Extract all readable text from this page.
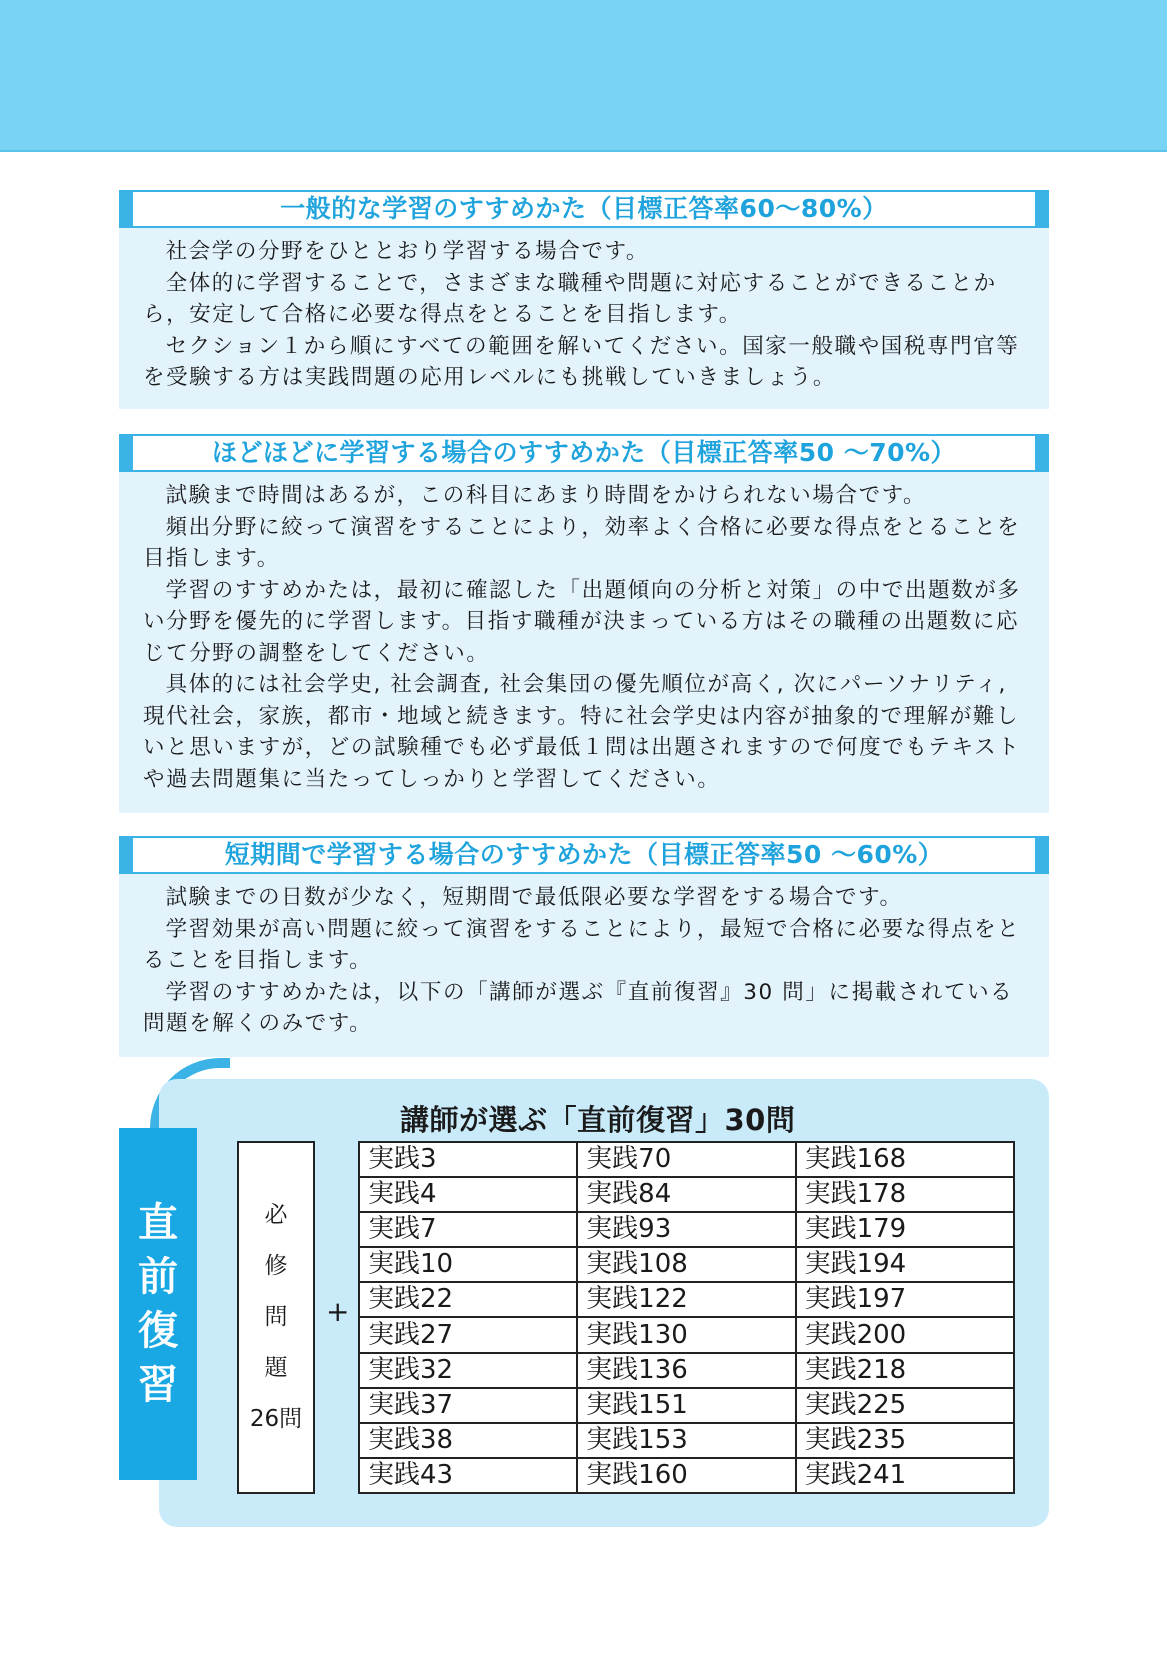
一般的な学習のすすめかた（目標正答率60～80%）

社会学の分野をひととおり学習する場合です。

全体的に学習することで，さまざまな職種や問題に対応することができることから，安定して合格に必要な得点をとることを目指します。

セクション１から順にすべての範囲を解いてください。国家一般職や国税専門官等を受験する方は実践問題の応用レベルにも挑戦していきましょう。

ほどほどに学習する場合のすすめかた（目標正答率50 ～70%）

試験まで時間はあるが，この科目にあまり時間をかけられない場合です。

頻出分野に絞って演習をすることにより，効率よく合格に必要な得点をとることを目指します。

学習のすすめかたは，最初に確認した「出題傾向の分析と対策」の中で出題数が多い分野を優先的に学習します。目指す職種が決まっている方はその職種の出題数に応じて分野の調整をしてください。

具体的には社会学史, 社会調査, 社会集団の優先順位が高く, 次にパーソナリティ, 現代社会，家族，都市・地域と続きます。特に社会学史は内容が抽象的で理解が難しいと思いますが，どの試験種でも必ず最低１問は出題されますので何度でもテキストや過去問題集に当たってしっかりと学習してください。

短期間で学習する場合のすすめかた（目標正答率50 ～60%）

試験までの日数が少なく，短期間で最低限必要な学習をする場合です。

学習効果が高い問題に絞って演習をすることにより，最短で合格に必要な得点をとることを目指します。

学習のすすめかたは，以下の「講師が選ぶ『直前復習』30 問」に掲載されている問題を解くのみです。

直
前
復
習
講師が選ぶ「直前復習」30問
必
修
問
題
26問
+
実践3	実践70	実践168
実践4	実践84	実践178
実践7	実践93	実践179
実践10	実践108	実践194
実践22	実践122	実践197
実践27	実践130	実践200
実践32	実践136	実践218
実践37	実践151	実践225
実践38	実践153	実践235
実践43	実践160	実践241
